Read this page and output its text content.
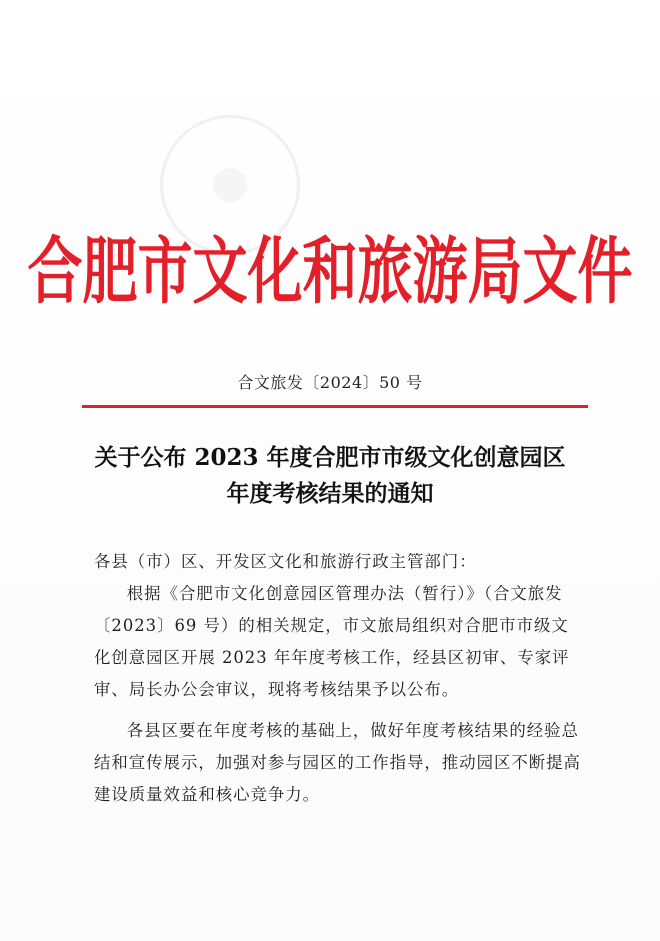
合肥市文化和旅游局文件
合文旅发〔2024〕50 号
关于公布 2023 年度合肥市市级文化创意园区
年度考核结果的通知

各县（市）区、开发区文化和旅游行政主管部门：

根据《合肥市文化创意园区管理办法（暂行）》（合文旅发〔2023〕69 号）的相关规定，市文旅局组织对合肥市市级文化创意园区开展 2023 年年度考核工作，经县区初审、专家评审、局长办公会审议，现将考核结果予以公布。

各县区要在年度考核的基础上，做好年度考核结果的经验总结和宣传展示，加强对参与园区的工作指导，推动园区不断提高建设质量效益和核心竞争力。
